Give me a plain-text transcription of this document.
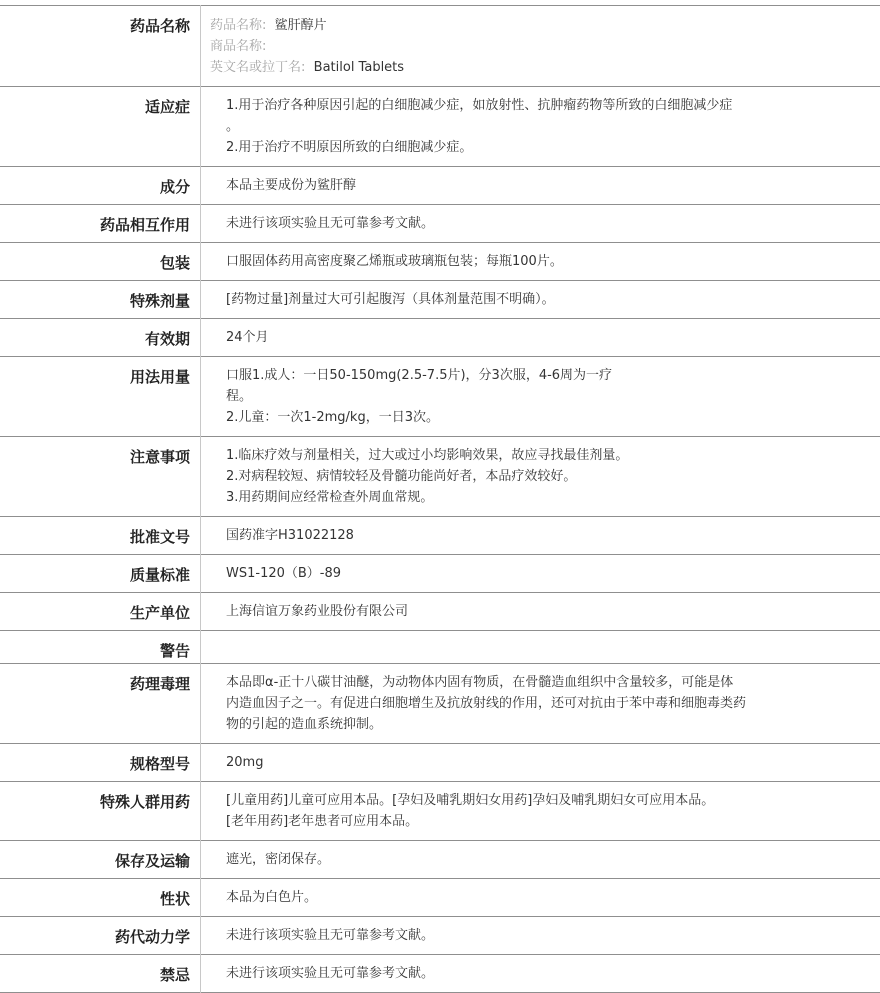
药品名称	药品名称: 鲨肝醇片
商品名称:
英文名或拉丁名: Batilol Tablets

适应症	1.用于治疗各种原因引起的白细胞减少症，如放射性、抗肿瘤药物等所致的白细胞减少症
。
2.用于治疗不明原因所致的白细胞减少症。

成分	本品主要成份为鲨肝醇

药品相互作用	未进行该项实验且无可靠参考文献。

包装	口服固体药用高密度聚乙烯瓶或玻璃瓶包装；每瓶100片。

特殊剂量	[药物过量]剂量过大可引起腹泻（具体剂量范围不明确）。

有效期	24个月

用法用量	口服1.成人：一日50-150mg(2.5-7.5片)，分3次服，4-6周为一疗
程。
2.儿童：一次1-2mg/kg，一日3次。

注意事项	1.临床疗效与剂量相关，过大或过小均影响效果，故应寻找最佳剂量。
2.对病程较短、病情较轻及骨髓功能尚好者，本品疗效较好。
3.用药期间应经常检查外周血常规。

批准文号	国药准字H31022128

质量标准	WS1-120（B）-89

生产单位	上海信谊万象药业股份有限公司

警告	

药理毒理	本品即α-正十八碳甘油醚，为动物体内固有物质，在骨髓造血组织中含量较多，可能是体
内造血因子之一。有促进白细胞增生及抗放射线的作用，还可对抗由于苯中毒和细胞毒类药
物的引起的造血系统抑制。

规格型号	20mg

特殊人群用药	[儿童用药]儿童可应用本品。[孕妇及哺乳期妇女用药]孕妇及哺乳期妇女可应用本品。
[老年用药]老年患者可应用本品。

保存及运输	遮光，密闭保存。

性状	本品为白色片。

药代动力学	未进行该项实验且无可靠参考文献。

禁忌	未进行该项实验且无可靠参考文献。
